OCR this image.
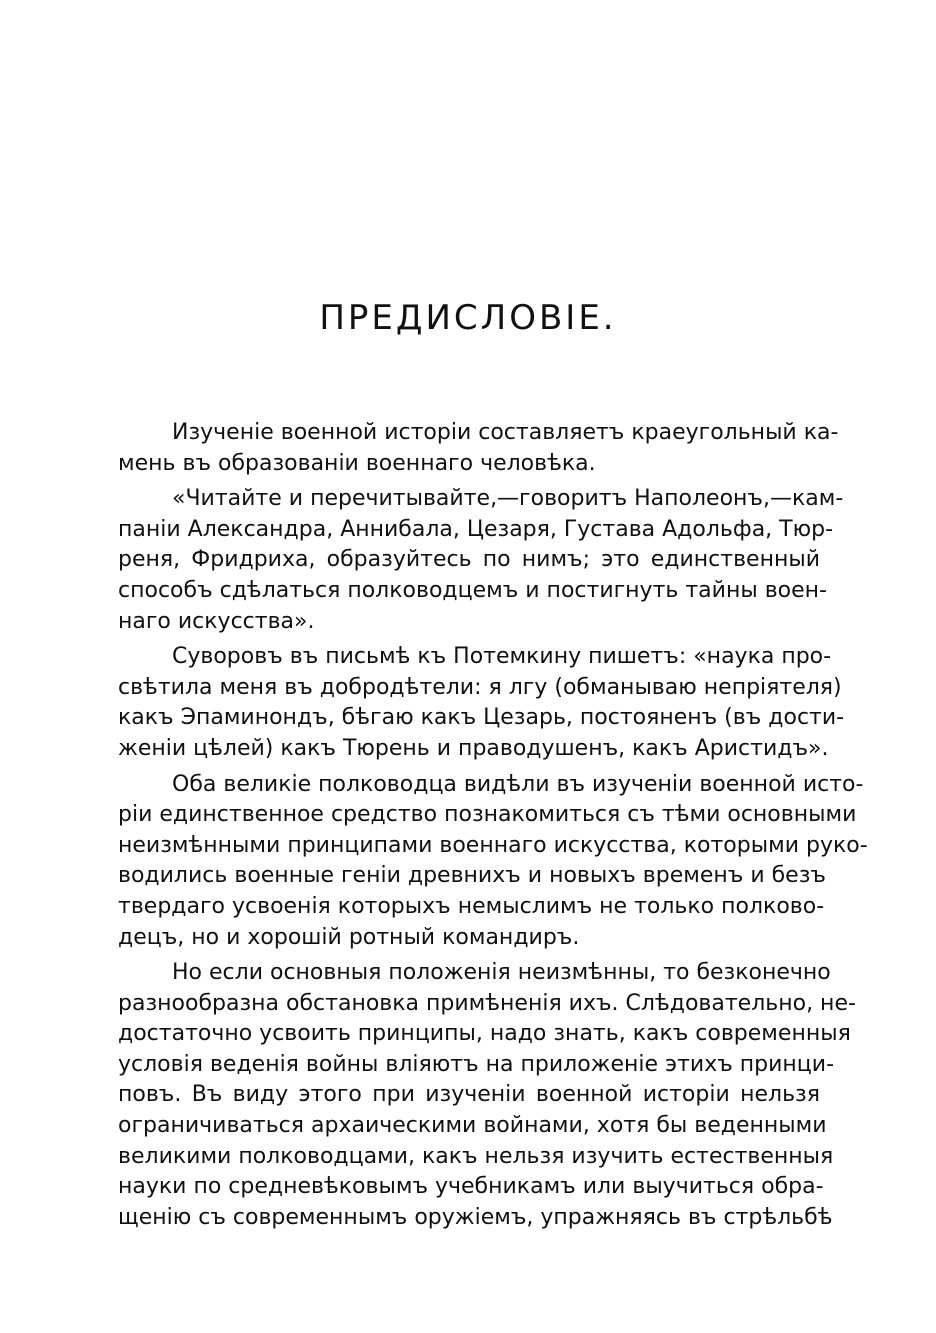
ПРЕДИСЛОВІЕ.
Изученіе военной исторіи составляетъ краеугольный ка-
мень въ образованіи военнаго человѣка.
«Читайте и перечитывайте,—говоритъ Наполеонъ,—кам-
паніи Александра, Аннибала, Цезаря, Густава Адольфа, Тюр-
реня, Фридриха, образуйтесь по нимъ; это единственный
способъ сдѣлаться полководцемъ и постигнуть тайны воен-
наго искусства».
Суворовъ въ письмѣ къ Потемкину пишетъ: «наука про-
свѣтила меня въ добродѣтели: я лгу (обманываю непріятеля)
какъ Эпаминондъ, бѣгаю какъ Цезарь, постояненъ (въ дости-
женіи цѣлей) какъ Тюрень и праводушенъ, какъ Аристидъ».
Оба великіе полководца видѣли въ изученіи военной исто-
ріи единственное средство познакомиться съ тѣми основными
неизмѣнными принципами военнаго искусства, которыми руко-
водились военные геніи древнихъ и новыхъ временъ и безъ
твердаго усвоенія которыхъ немыслимъ не только полково-
децъ, но и хорошій ротный командиръ.
Но если основныя положенія неизмѣнны, то безконечно
разнообразна обстановка примѣненія ихъ. Слѣдовательно, не-
достаточно усвоить принципы, надо знать, какъ современныя
условія веденія войны вліяютъ на приложеніе этихъ принци-
повъ. Въ виду этого при изученіи военной исторіи нельзя
ограничиваться архаическими войнами, хотя бы веденными
великими полководцами, какъ нельзя изучить естественныя
науки по средневѣковымъ учебникамъ или выучиться обра-
щенію съ современнымъ оружіемъ, упражняясь въ стрѣльбѣ
